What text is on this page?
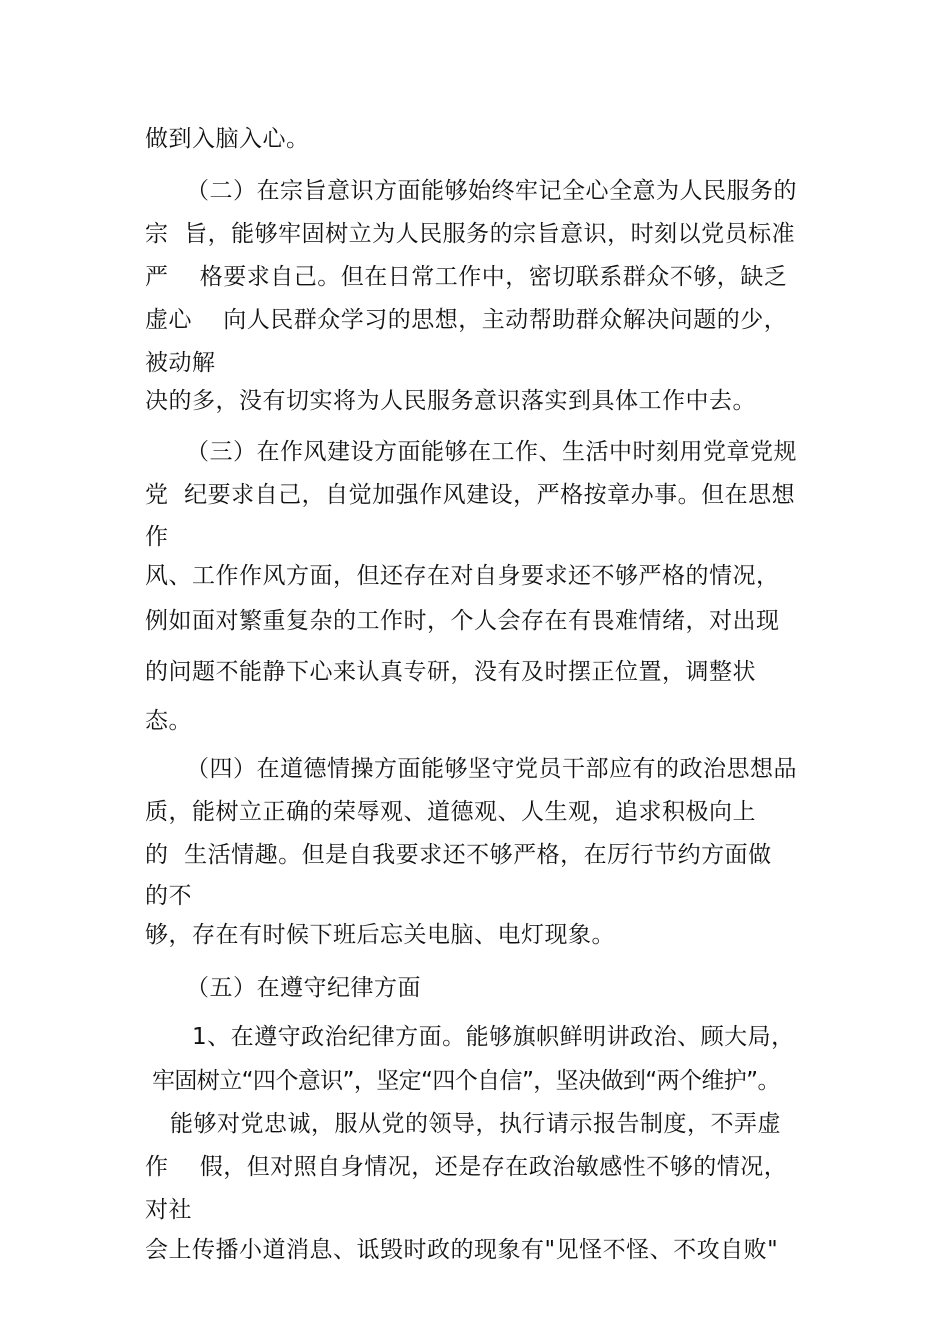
做到入脑入心。
（二）在宗旨意识方面能够始终牢记全心全意为人民服务的
宗  旨，能够牢固树立为人民服务的宗旨意识，时刻以党员标准
严    格要求自己。但在日常工作中，密切联系群众不够，缺乏
虚心    向人民群众学习的思想，主动帮助群众解决问题的少，
被动解
决的多，没有切实将为人民服务意识落实到具体工作中去。
（三）在作风建设方面能够在工作、生活中时刻用党章党规
党  纪要求自己，自觉加强作风建设，严格按章办事。但在思想
作
风、工作作风方面，但还存在对自身要求还不够严格的情况，
例如面对繁重复杂的工作时，个人会存在有畏难情绪，对出现
的问题不能静下心来认真专研，没有及时摆正位置，调整状
态。
（四）在道德情操方面能够坚守党员干部应有的政治思想品
质，能树立正确的荣辱观、道德观、人生观，追求积极向上
的  生活情趣。但是自我要求还不够严格，在厉行节约方面做
的不
够，存在有时候下班后忘关电脑、电灯现象。
（五）在遵守纪律方面
1、在遵守政治纪律方面。能够旗帜鲜明讲政治、顾大局，
牢固树立“四个意识”，坚定“四个自信”，坚决做到“两个维护”。
能够对党忠诚，服从党的领导，执行请示报告制度，不弄虚
作    假，但对照自身情况，还是存在政治敏感性不够的情况，
对社
会上传播小道消息、诋毁时政的现象有"见怪不怪、不攻自败"
